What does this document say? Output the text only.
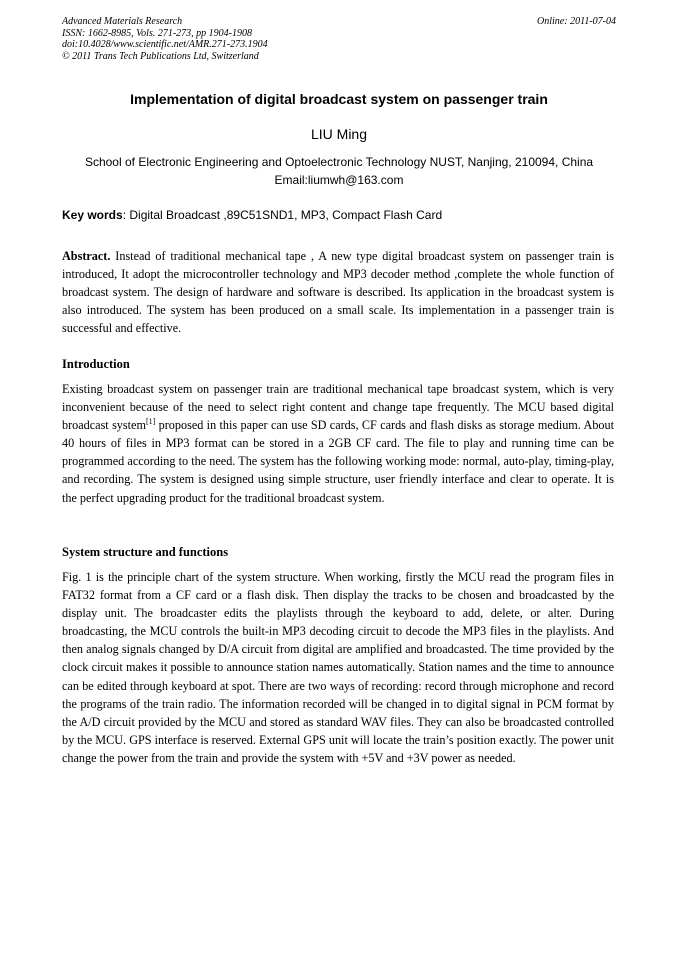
Advanced Materials Research
ISSN: 1662-8985, Vols. 271-273, pp 1904-1908
doi:10.4028/www.scientific.net/AMR.271-273.1904
© 2011 Trans Tech Publications Ltd, Switzerland
Online: 2011-07-04
Implementation of digital broadcast system on passenger train
LIU Ming
School of Electronic Engineering and Optoelectronic Technology NUST, Nanjing, 210094, China
Email:liumwh@163.com
Key words: Digital Broadcast ,89C51SND1, MP3, Compact Flash Card

Abstract. Instead of traditional mechanical tape , A new type digital broadcast system on passenger train is introduced, It adopt the microcontroller technology and MP3 decoder method ,complete the whole function of broadcast system. The design of hardware and software is described. Its application in the broadcast system is also introduced. The system has been produced on a small scale. Its implementation in a passenger train is successful and effective.

Introduction

Existing broadcast system on passenger train are traditional mechanical tape broadcast system, which is very inconvenient because of the need to select right content and change tape frequently. The MCU based digital broadcast system[1] proposed in this paper can use SD cards, CF cards and flash disks as storage medium. About 40 hours of files in MP3 format can be stored in a 2GB CF card. The file to play and running time can be programmed according to the need. The system has the following working mode: normal, auto-play, timing-play, and recording. The system is designed using simple structure, user friendly interface and clear to operate. It is the perfect upgrading product for the traditional broadcast system.

System structure and functions

Fig. 1 is the principle chart of the system structure. When working, firstly the MCU read the program files in FAT32 format from a CF card or a flash disk. Then display the tracks to be chosen and broadcasted by the display unit. The broadcaster edits the playlists through the keyboard to add, delete, or alter. During broadcasting, the MCU controls the built-in MP3 decoding circuit to decode the MP3 files in the playlists. And then analog signals changed by D/A circuit from digital are amplified and broadcasted. The time provided by the clock circuit makes it possible to announce station names automatically. Station names and the time to announce can be edited through keyboard at spot. There are two ways of recording: record through microphone and record the programs of the train radio. The information recorded will be changed in to digital signal in PCM format by the A/D circuit provided by the MCU and stored as standard WAV files. They can also be broadcasted controlled by the MCU. GPS interface is reserved. External GPS unit will locate the train’s position exactly. The power unit change the power from the train and provide the system with +5V and +3V power as needed.
